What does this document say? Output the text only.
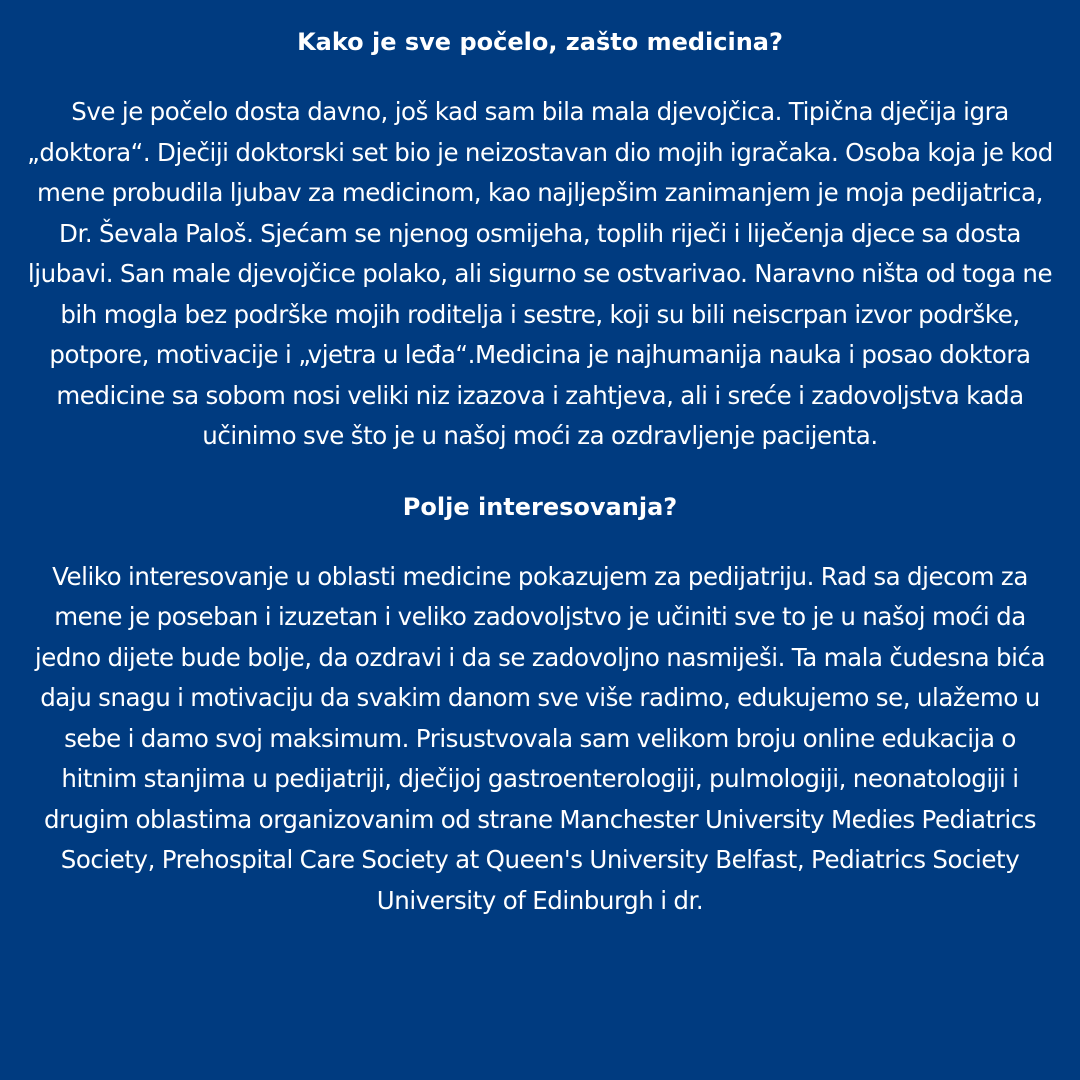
Kako je sve počelo, zašto medicina?

Sve je počelo dosta davno, još kad sam bila mala djevojčica. Tipična dječija igra „doktora“. Dječiji doktorski set bio je neizostavan dio mojih igračaka. Osoba koja je kod mene probudila ljubav za medicinom, kao najljepšim zanimanjem je moja pedijatrica, Dr. Ševala Paloš. Sjećam se njenog osmijeha, toplih riječi i liječenja djece sa dosta ljubavi. San male djevojčice polako, ali sigurno se ostvarivao. Naravno ništa od toga ne bih mogla bez podrške mojih roditelja i sestre, koji su bili neiscrpan izvor podrške, potpore, motivacije i „vjetra u leđa“.Medicina je najhumanija nauka i posao doktora medicine sa sobom nosi veliki niz izazova i zahtjeva, ali i sreće i zadovoljstva kada učinimo sve što je u našoj moći za ozdravljenje pacijenta.

Polje interesovanja?

Veliko interesovanje u oblasti medicine pokazujem za pedijatriju. Rad sa djecom za mene je poseban i izuzetan i veliko zadovoljstvo je učiniti sve to je u našoj moći da jedno dijete bude bolje, da ozdravi i da se zadovoljno nasmiješi. Ta mala čudesna bića daju snagu i motivaciju da svakim danom sve više radimo, edukujemo se, ulažemo u sebe i damo svoj maksimum. Prisustvovala sam velikom broju online edukacija o hitnim stanjima u pedijatriji, dječijoj gastroenterologiji, pulmologiji, neonatologiji i drugim oblastima organizovanim od strane Manchester University Medies Pediatrics Society, Prehospital Care Society at Queen's University Belfast, Pediatrics Society University of Edinburgh i dr.
